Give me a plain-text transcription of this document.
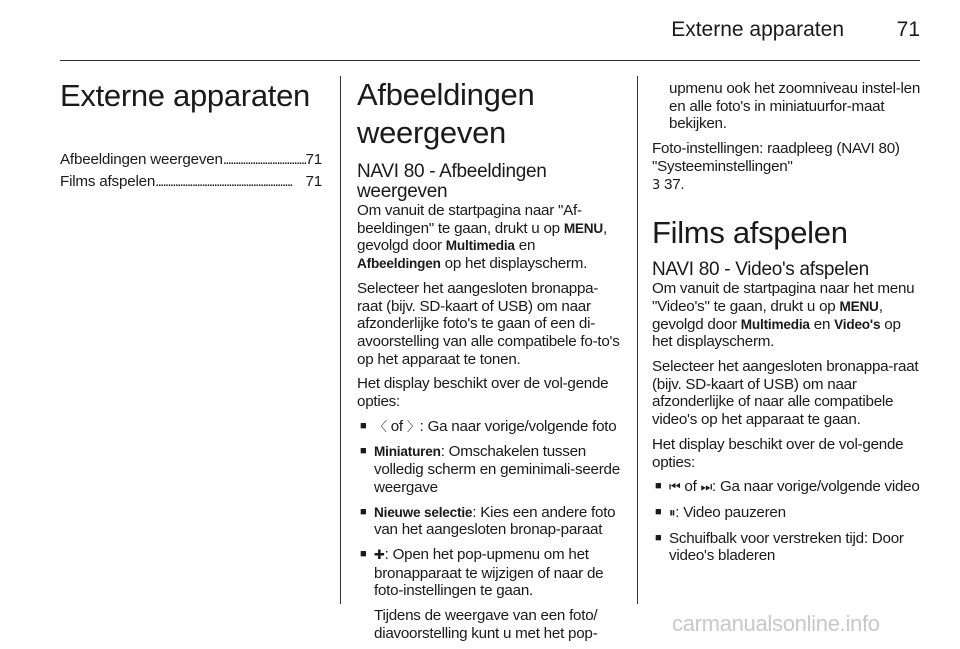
Externe apparaten	71
Externe apparaten
Afbeeldingen weergeven . . .	71
Films afspelen . . .	71
Afbeeldingen weergeven
NAVI 80 - Afbeeldingen weergeven

Om vanuit de startpagina naar "Af-beeldingen" te gaan, drukt u op MENU, gevolgd door Multimedia en Afbeeldingen op het displayscherm.

Selecteer het aangesloten bronappa-raat (bijv. SD-kaart of USB) om naar afzonderlijke foto's te gaan of een di-avoorstelling van alle compatibele fo-to's op het apparaat te tonen.

Het display beschikt over de vol-gende opties:

■ 〈 of 〉: Ga naar vorige/volgende foto
■ Miniaturen: Omschakelen tussen volledig scherm en geminimali-seerde weergave
■ Nieuwe selectie: Kies een andere foto van het aangesloten bronap-paraat
■ ✚: Open het pop-upmenu om het bronapparaat te wijzigen of naar de foto-instellingen te gaan.

Tijdens de weergave van een foto/ diavoorstelling kunt u met het pop-

upmenu ook het zoomniveau instel-len en alle foto's in miniatuurfor-maat bekijken.

Foto-instellingen: raadpleeg (NAVI 80) "Systeeminstellingen"
3 37.

Films afspelen
NAVI 80 - Video's afspelen

Om vanuit de startpagina naar het menu "Video's" te gaan, drukt u op MENU, gevolgd door Multimedia en Video's op het displayscherm.

Selecteer het aangesloten bronappa-raat (bijv. SD-kaart of USB) om naar afzonderlijke of naar alle compatibele video's op het apparaat te gaan.

Het display beschikt over de vol-gende opties:

■ ⏮ of ⏭: Ga naar vorige/volgende video
■ ⏸: Video pauzeren
■ Schuifbalk voor verstreken tijd: Door video's bladeren
carmanualsonline.info
